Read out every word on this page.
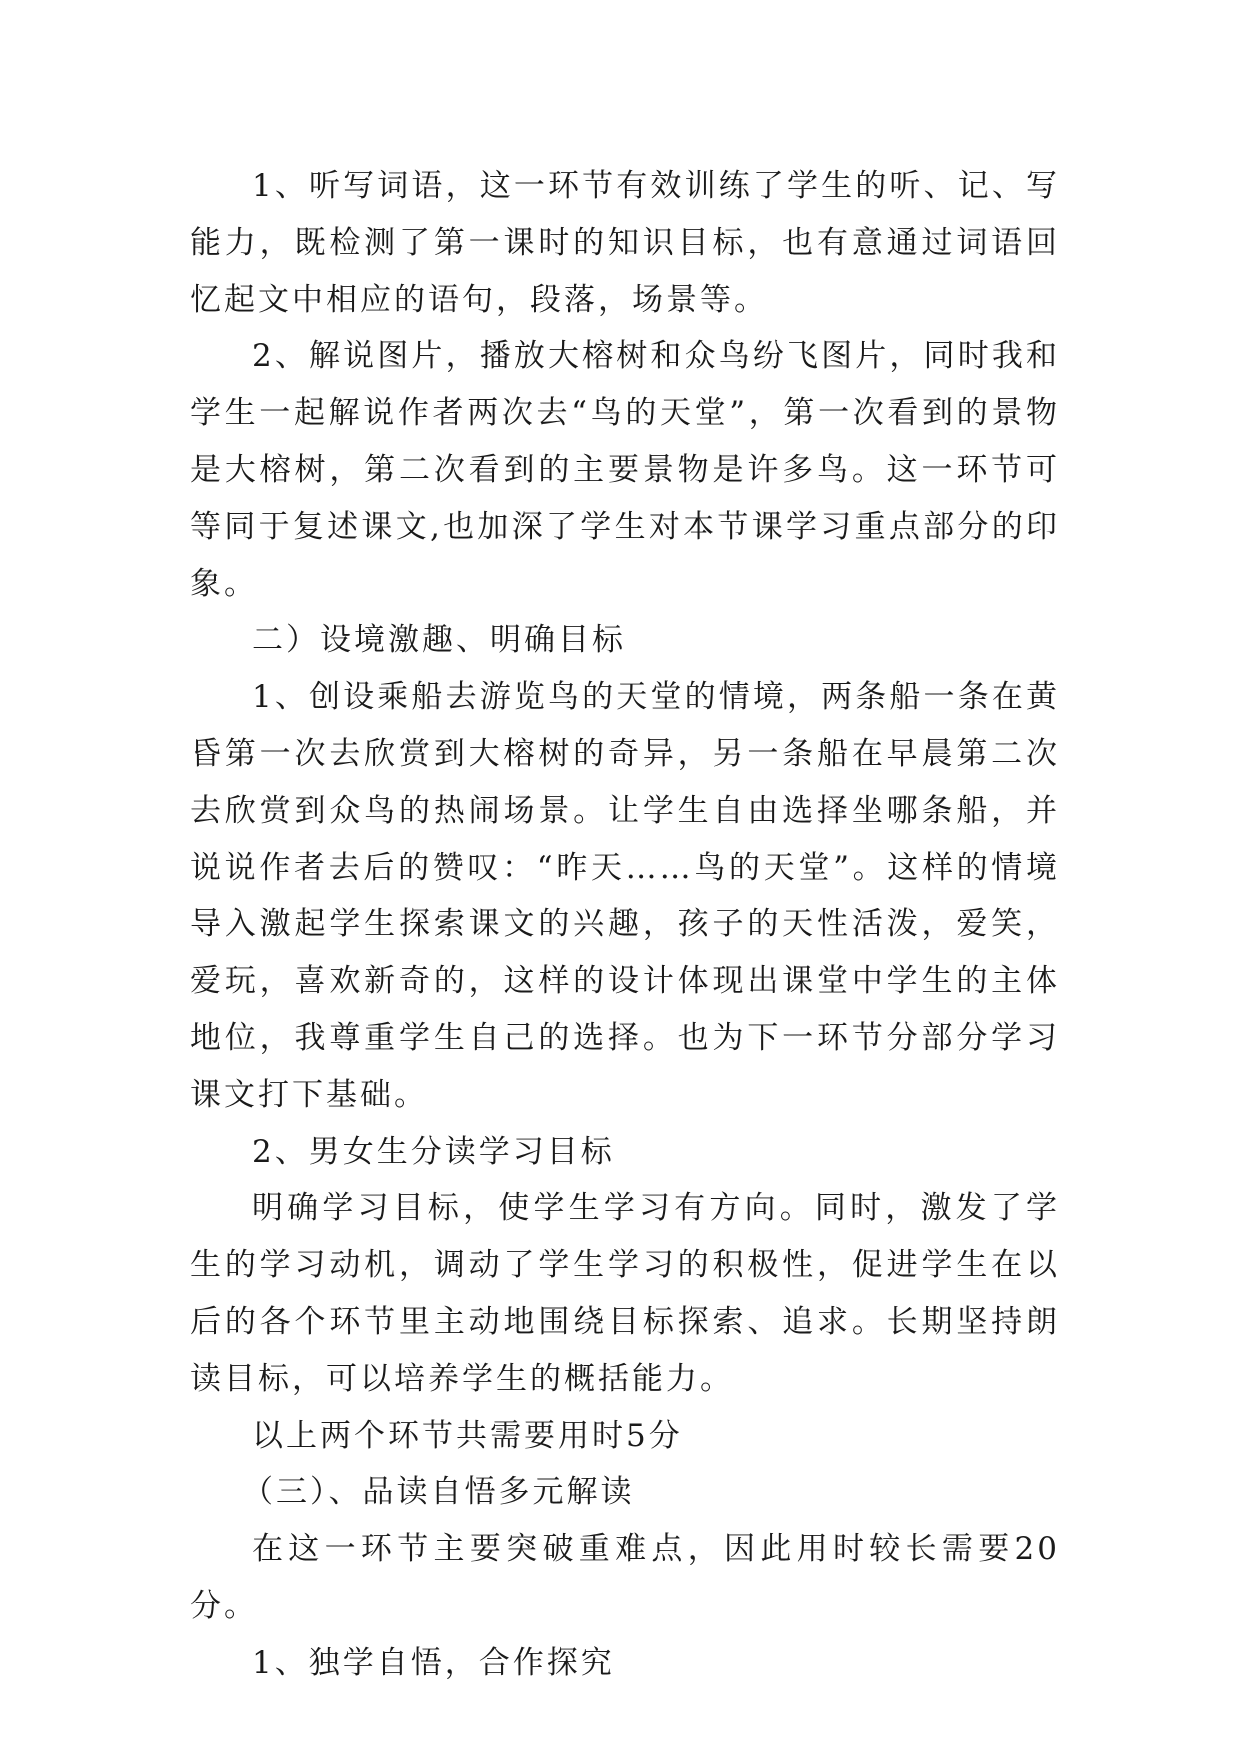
1、听写词语，这一环节有效训练了学生的听、记、写能力，既检测了第一课时的知识目标，也有意通过词语回忆起文中相应的语句，段落，场景等。

2、解说图片，播放大榕树和众鸟纷飞图片，同时我和学生一起解说作者两次去“鸟的天堂”，第一次看到的景物是大榕树，第二次看到的主要景物是许多鸟。这一环节可等同于复述课文,也加深了学生对本节课学习重点部分的印象。

二）设境激趣、明确目标

1、创设乘船去游览鸟的天堂的情境，两条船一条在黄昏第一次去欣赏到大榕树的奇异，另一条船在早晨第二次去欣赏到众鸟的热闹场景。让学生自由选择坐哪条船，并说说作者去后的赞叹：“昨天……鸟的天堂”。这样的情境导入激起学生探索课文的兴趣，孩子的天性活泼，爱笑，爱玩，喜欢新奇的，这样的设计体现出课堂中学生的主体地位，我尊重学生自己的选择。也为下一环节分部分学习课文打下基础。

2、男女生分读学习目标

明确学习目标，使学生学习有方向。同时，激发了学生的学习动机，调动了学生学习的积极性，促进学生在以后的各个环节里主动地围绕目标探索、追求。长期坚持朗读目标，可以培养学生的概括能力。

以上两个环节共需要用时5分

（三）、品读自悟多元解读

在这一环节主要突破重难点，因此用时较长需要20分。

1、独学自悟，合作探究
